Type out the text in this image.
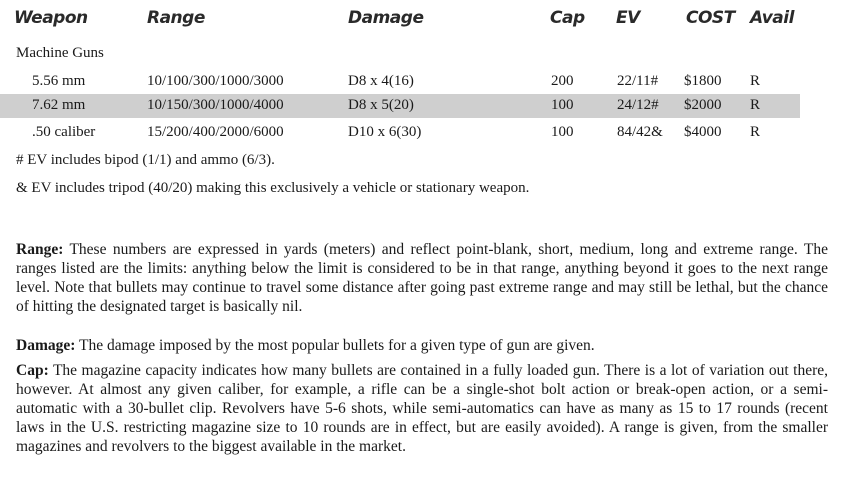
Weapon	Range	Damage	Cap EV	COST Avail
Machine Guns
5.56 mm	10/100/300/1000/3000	D8 x 4(16)	200	22/11# $1800 R
7.62 mm	10/150/300/1000/4000	D8 x 5(20)	100	24/12# $2000 R
.50 caliber	15/200/400/2000/6000	D10 x 6(30)	100	84/42& $4000 R
# EV includes bipod (1/1) and ammo (6/3).
& EV includes tripod (40/20) making this exclusively a vehicle or stationary weapon.
Range: These numbers are expressed in yards (meters) and reflect point-blank, short, medium, long and extreme range. The ranges listed are the limits: anything below the limit is considered to be in that range, anything beyond it goes to the next range level. Note that bullets may continue to travel some distance after going past extreme range and may still be lethal, but the chance of hitting the designated target is basically nil.
Damage: The damage imposed by the most popular bullets for a given type of gun are given.
Cap: The magazine capacity indicates how many bullets are contained in a fully loaded gun. There is a lot of variation out there, however. At almost any given caliber, for example, a rifle can be a single-shot bolt action or break-open action, or a semi-automatic with a 30-bullet clip. Revolvers have 5-6 shots, while semi-automatics can have as many as 15 to 17 rounds (recent laws in the U.S. restricting magazine size to 10 rounds are in effect, but are easily avoided). A range is given, from the smaller magazines and revolvers to the biggest available in the market.
